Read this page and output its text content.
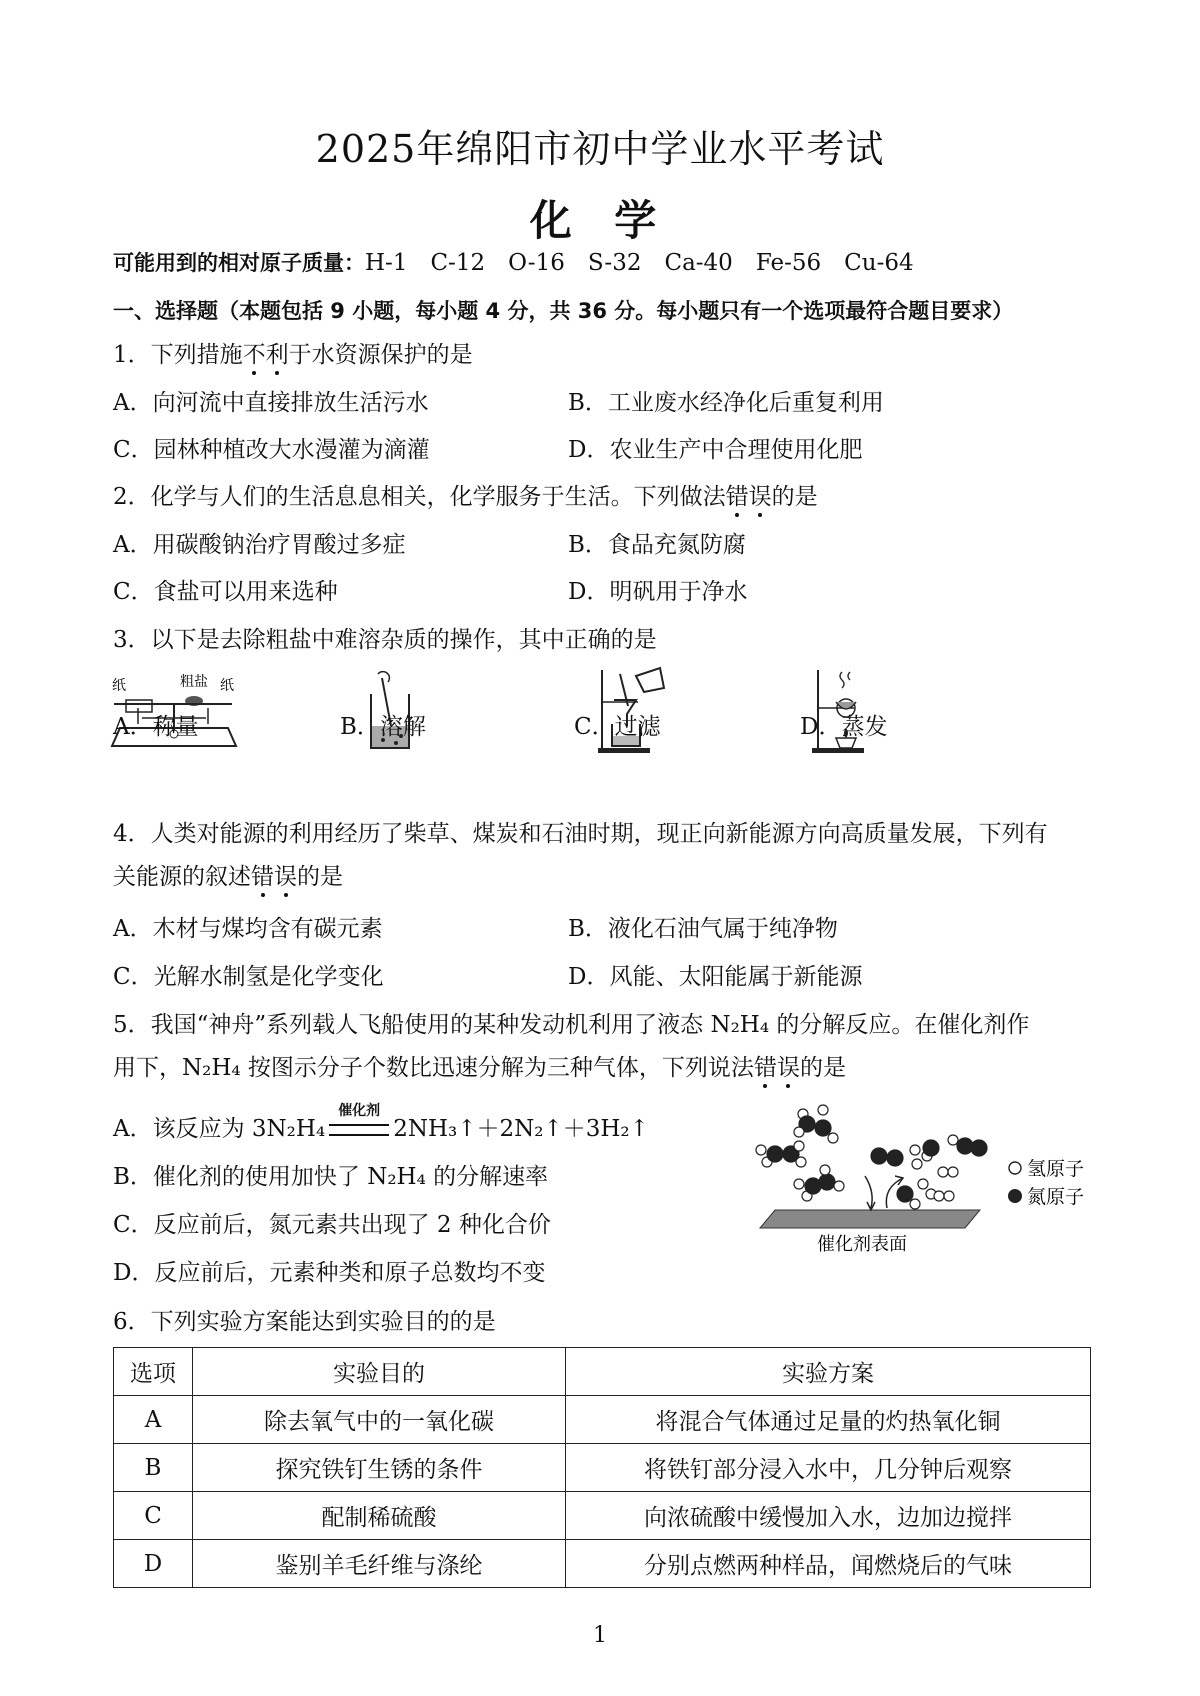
2025年绵阳市初中学业水平考试
化 学
可能用到的相对原子质量：H-1　C-12　O-16　S-32　Ca-40　Fe-56　Cu-64
一、选择题（本题包括 9 小题，每小题 4 分，共 36 分。每小题只有一个选项最符合题目要求）
1．下列措施不利于水资源保护的是
A．向河流中直接排放生活污水	B．工业废水经净化后重复利用
C．园林种植改大水漫灌为滴灌	D．农业生产中合理使用化肥
2．化学与人们的生活息息相关，化学服务于生活。下列做法错误的是
A．用碳酸钠治疗胃酸过多症	B．食品充氮防腐
C．食盐可以用来选种	D．明矾用于净水
3．以下是去除粗盐中难溶杂质的操作，其中正确的是
纸	粗盐 纸
A．称量	B．溶解	C．过滤	D．蒸发
4．人类对能源的利用经历了柴草、煤炭和石油时期，现正向新能源方向高质量发展，下列有
关能源的叙述错误的是
A．木材与煤均含有碳元素	B．液化石油气属于纯净物
C．光解水制氢是化学变化	D．风能、太阳能属于新能源
5．我国“神舟”系列载人飞船使用的某种发动机利用了液态 N₂H₄ 的分解反应。在催化剂作
用下，N₂H₄ 按图示分子个数比迅速分解为三种气体，下列说法错误的是
A．该反应为 3N₂H₄
催化剂
2NH₃↑＋2N₂↑＋3H₂↑
B．催化剂的使用加快了 N₂H₄ 的分解速率
C．反应前后，氮元素共出现了 2 种化合价
D．反应前后，元素种类和原子总数均不变
催化剂表面
氢原子
氮原子
6．下列实验方案能达到实验目的的是
选项	实验目的	实验方案
A	除去氧气中的一氧化碳	将混合气体通过足量的灼热氧化铜
B	探究铁钉生锈的条件	将铁钉部分浸入水中，几分钟后观察
C	配制稀硫酸	向浓硫酸中缓慢加入水，边加边搅拌
D	鉴别羊毛纤维与涤纶	分别点燃两种样品，闻燃烧后的气味
1
